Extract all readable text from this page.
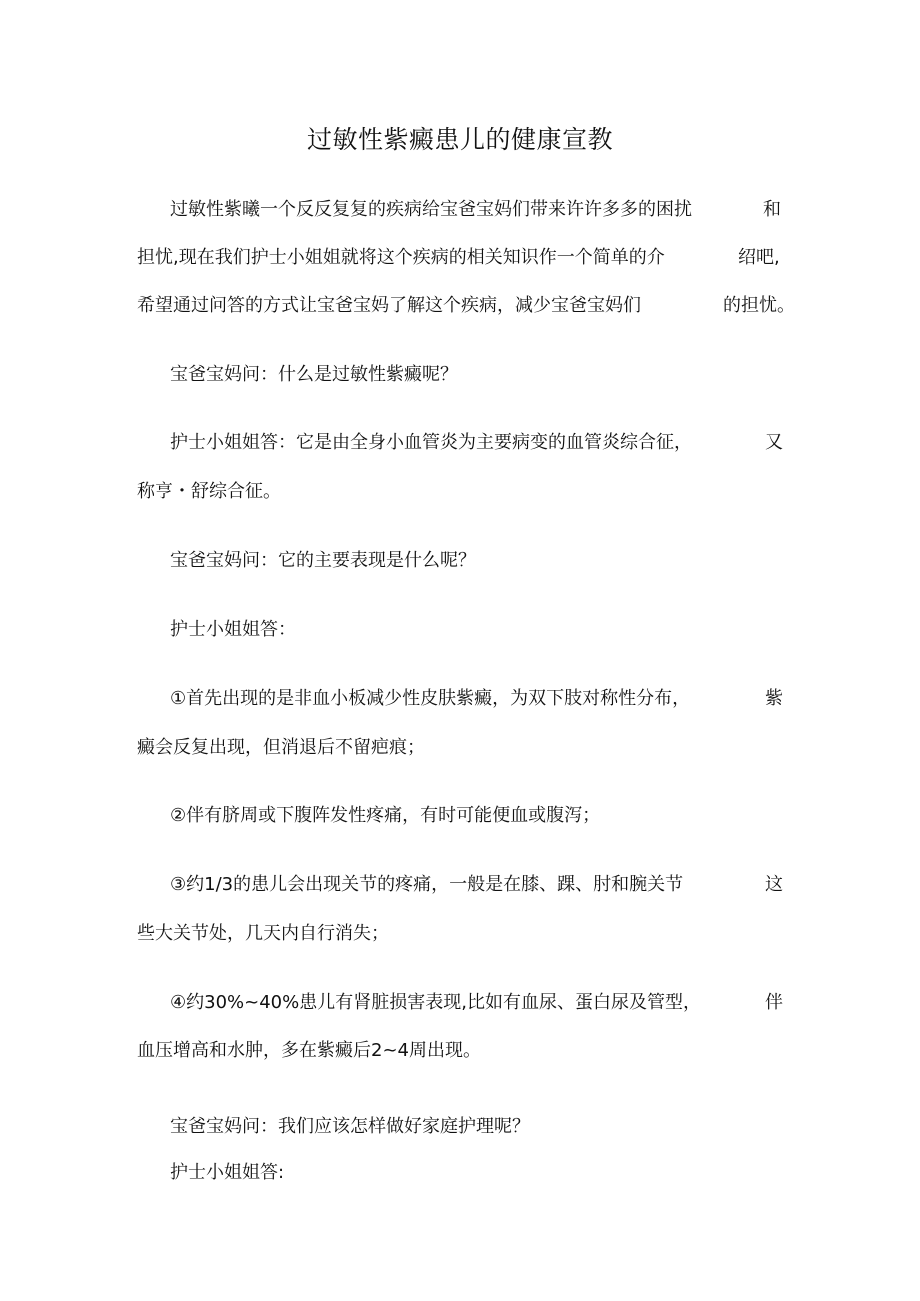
过敏性紫癜患儿的健康宣教

过敏性紫曦一个反反复复的疾病给宝爸宝妈们带来许许多多的困扰	和

担忧,现在我们护士小姐姐就将这个疾病的相关知识作一个简单的介	绍吧,

希望通过问答的方式让宝爸宝妈了解这个疾病，减少宝爸宝妈们	的担忧。

宝爸宝妈问：什么是过敏性紫癜呢？

护士小姐姐答：它是由全身小血管炎为主要病变的血管炎综合征，	又

称亨・舒综合征。

宝爸宝妈问：它的主要表现是什么呢？

护士小姐姐答：

①首先出现的是非血小板减少性皮肤紫癜，为双下肢对称性分布，	紫

癜会反复出现，但消退后不留疤痕；

②伴有脐周或下腹阵发性疼痛，有时可能便血或腹泻；

③约1/3的患儿会出现关节的疼痛，一般是在膝、踝、肘和腕关节	这

些大关节处，几天内自行消失；

④约30%~40%患儿有肾脏损害表现,比如有血尿、蛋白尿及管型，	伴

血压增高和水肿，多在紫癜后2~4周出现。

宝爸宝妈问：我们应该怎样做好家庭护理呢？

护士小姐姐答:
